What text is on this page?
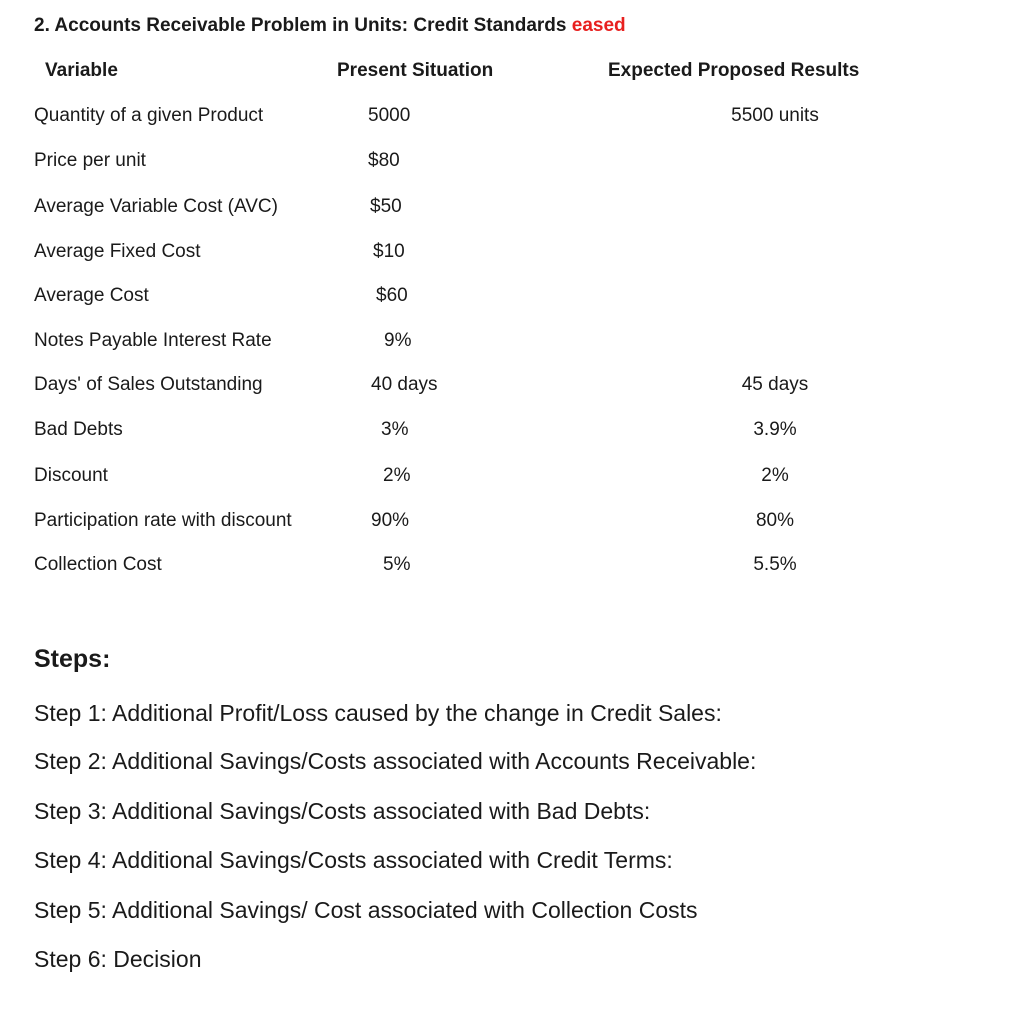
2. Accounts Receivable Problem in Units: Credit Standards eased
Variable	Present Situation	Expected Proposed Results
Quantity of a given Product	5000	5500 units
Price per unit	$80
Average Variable Cost (AVC)	$50
Average Fixed Cost	$10
Average Cost	$60
Notes Payable Interest Rate	9%
Days' of Sales Outstanding	40 days	45 days
Bad Debts	3%	3.9%
Discount	2%	2%
Participation rate with discount	90%	80%
Collection Cost	5%	5.5%
Steps:
Step 1: Additional Profit/Loss caused by the change in Credit Sales:
Step 2: Additional Savings/Costs associated with Accounts Receivable:
Step 3: Additional Savings/Costs associated with Bad Debts:
Step 4: Additional Savings/Costs associated with Credit Terms:
Step 5: Additional Savings/ Cost associated with Collection Costs
Step 6: Decision
